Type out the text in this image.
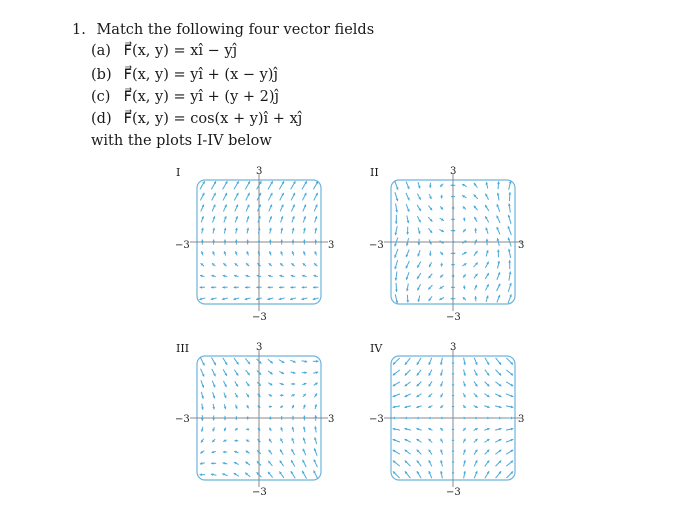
1. Match the following four vector fields
(a) F⃗(x, y) = xî − yĵ
(b) F⃗(x, y) = yî + (x − y)ĵ
(c) F⃗(x, y) = yî + (y + 2)ĵ
(d) F⃗(x, y) = cos(x + y)î + xĵ
with the plots I-IV below
I	3
−3	3
−3
II	3
−3	3
−3
III	3
−3	3
−3
IV	3
−3	3
−3
